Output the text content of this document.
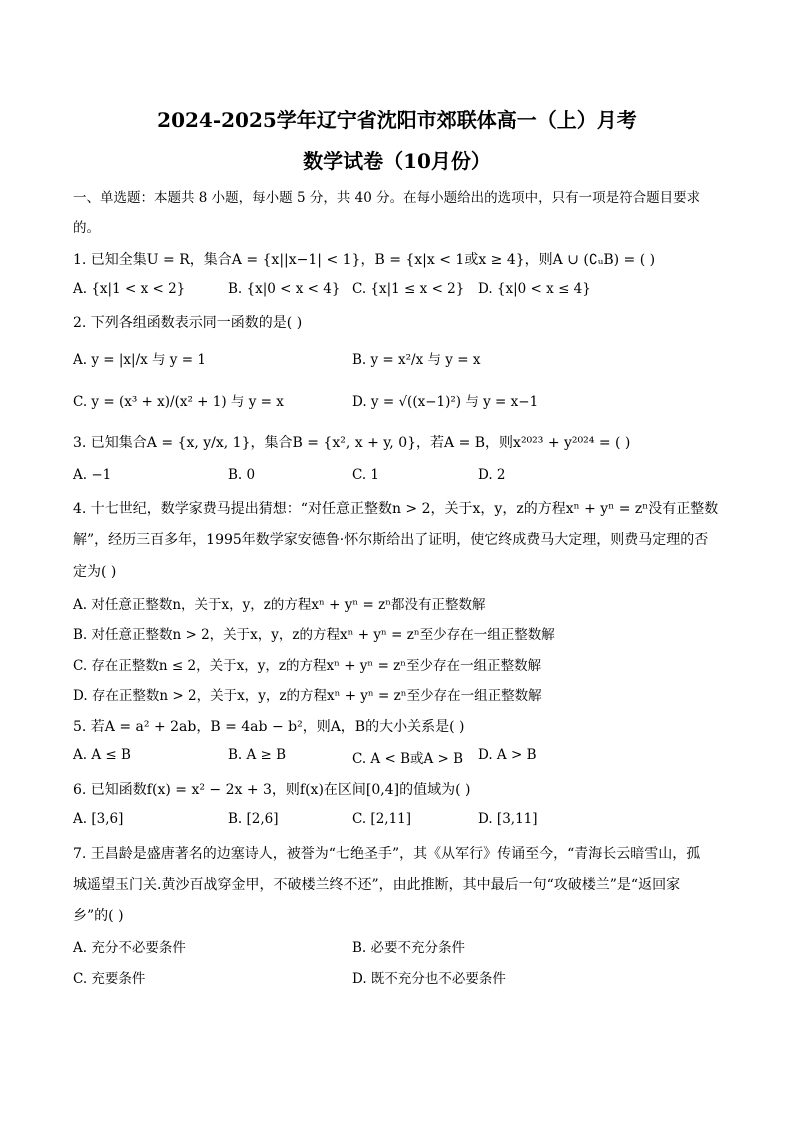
2024-2025学年辽宁省沈阳市郊联体高一（上）月考
数学试卷（10月份）
一、单选题：本题共 8 小题，每小题 5 分，共 40 分。在每小题给出的选项中，只有一项是符合题目要求
的。
1. 已知全集U = R，集合A = {x||x−1| < 1}，B = {x|x < 1或x ≥ 4}，则A ∪ (∁ᵤB) = ( )
A. {x|1 < x < 2}	B. {x|0 < x < 4} C. {x|1 ≤ x < 2} D. {x|0 < x ≤ 4}
2. 下列各组函数表示同一函数的是( )
A. y = |x|/x 与 y = 1	B. y = x²/x 与 y = x
C. y = (x³ + x)/(x² + 1) 与 y = x	D. y = √((x−1)²) 与 y = x−1
3. 已知集合A = {x, y/x, 1}，集合B = {x², x + y, 0}，若A = B，则x²⁰²³ + y²⁰²⁴ = ( )
A. −1	B. 0	C. 1	D. 2
4. 十七世纪，数学家费马提出猜想：“对任意正整数n > 2，关于x，y，z的方程xⁿ + yⁿ = zⁿ没有正整数
解”，经历三百多年，1995年数学家安德鲁·怀尔斯给出了证明，使它终成费马大定理，则费马定理的否
定为( )
A. 对任意正整数n，关于x，y，z的方程xⁿ + yⁿ = zⁿ都没有正整数解
B. 对任意正整数n > 2，关于x，y，z的方程xⁿ + yⁿ = zⁿ至少存在一组正整数解
C. 存在正整数n ≤ 2，关于x，y，z的方程xⁿ + yⁿ = zⁿ至少存在一组正整数解
D. 存在正整数n > 2，关于x，y，z的方程xⁿ + yⁿ = zⁿ至少存在一组正整数解
5. 若A = a² + 2ab，B = 4ab − b²，则A，B的大小关系是( )
A. A ≤ B	B. A ≥ B	C. A < B或A > B D. A > B
6. 已知函数f(x) = x² − 2x + 3，则f(x)在区间[0,4]的值域为( )
A. [3,6]	B. [2,6]	C. [2,11]	D. [3,11]
7. 王昌龄是盛唐著名的边塞诗人，被誉为“七绝圣手”，其《从军行》传诵至今，“青海长云暗雪山，孤
城遥望玉门关.黄沙百战穿金甲，不破楼兰终不还”，由此推断，其中最后一句“攻破楼兰”是“返回家
乡”的( )
A. 充分不必要条件	B. 必要不充分条件
C. 充要条件	D. 既不充分也不必要条件
